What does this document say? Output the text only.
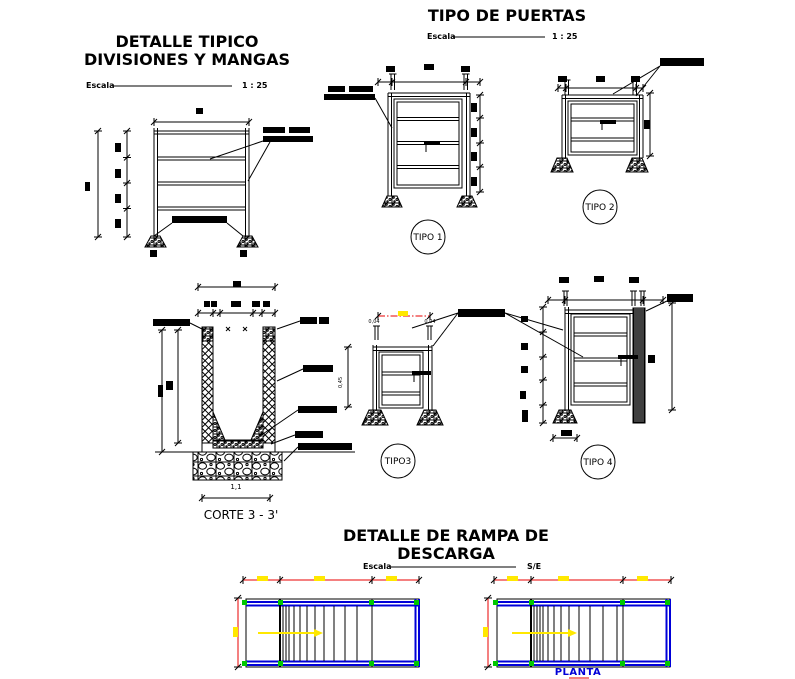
DETALLE TIPICO
DIVISIONES Y MANGAS
Escala	1 : 25
TIPO DE PUERTAS
Escala	1 : 25
TIPO 1
TIPO 2
0,45
1,1
CORTE 3 - 3'
0,04	0,04
TIPO3	TIPO 4
DETALLE DE RAMPA DE
DESCARGA
Escala	S/E
PLANTA
